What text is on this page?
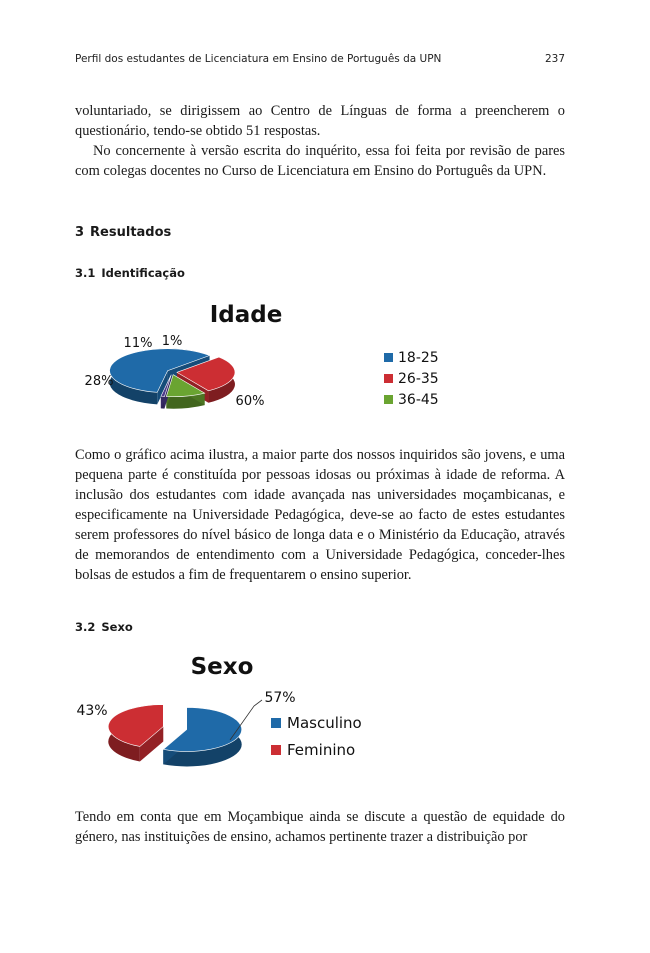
Perfil dos estudantes de Licenciatura em Ensino de Português da UPN	237

voluntariado, se dirigissem ao Centro de Línguas de forma a preencherem o questionário, tendo-se obtido 51 respostas.

No concernente à versão escrita do inquérito, essa foi feita por revisão de pares com colegas docentes no Curso de Licenciatura em Ensino do Português da UPN.

3 Resultados
3.1 Identificação
Idade
60%
28%
11% 1%
18-25
26-35
36-45

Como o gráfico acima ilustra, a maior parte dos nossos inquiridos são jovens, e uma pequena parte é constituída por pessoas idosas ou próximas à idade de reforma. A inclusão dos estudantes com idade avançada nas universidades moçambicanas, e especificamente na Universidade Pedagógica, deve-se ao facto de estes estudantes serem professores do nível básico de longa data e o Ministério da Educação, através de memorandos de entendimento com a Universidade Pedagógica, conceder-lhes bolsas de estudos a fim de frequentarem o ensino superior.

3.2 Sexo
Sexo
57%
43%
Masculino
Feminino

Tendo em conta que em Moçambique ainda se discute a questão de equidade do género, nas instituições de ensino, achamos pertinente trazer a distribuição por
